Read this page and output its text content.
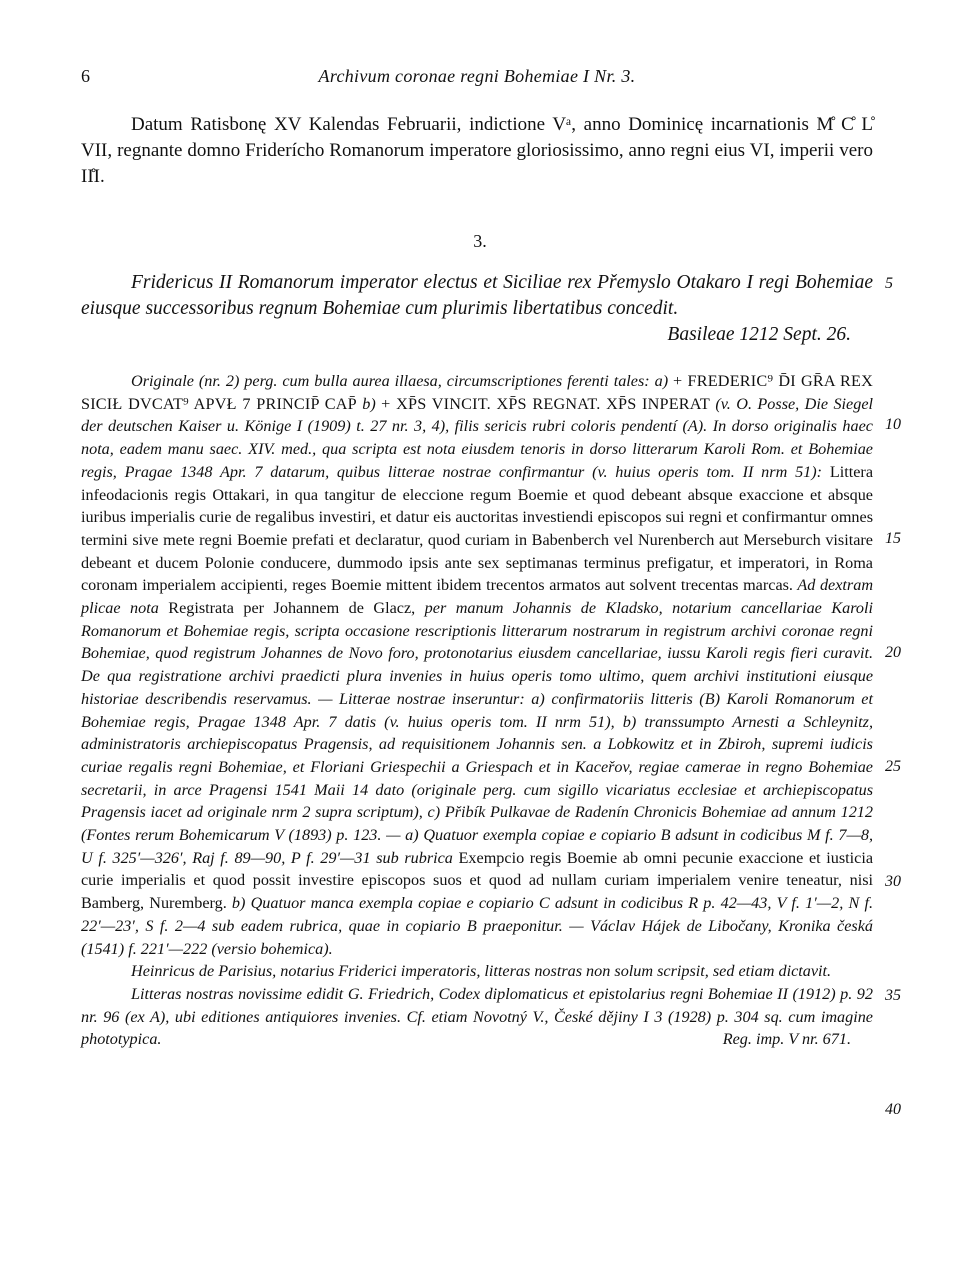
6	Archivum coronae regni Bohemiae I Nr. 3.

Datum Ratisbonę XV Kalendas Februarii, indictione Vᵃ, anno Dominicę incarnationis M̊ C̊ L̊ VII, regnante domno Friderícho Romanorum imperatore gloriosissimo, anno regni eius VI, imperii vero II̊I.

3.

Fridericus II Romanorum imperator electus et Siciliae rex Přemyslo Otakaro I regi Bohemiae eiusque successoribus regnum Bohemiae cum plurimis libertatibus concedit.
Basileae 1212 Sept. 26.

Originale (nr. 2) perg. cum bulla aurea illaesa, circumscriptiones ferenti tales: a) + FREDERIC⁹ D̄I GR̄A REX SICIŁ DVCAT⁹ APVŁ 7 PRINCIP̄ CAP̄ b) + XP̄S VINCIT. XP̄S REGNAT. XP̄S INPERAT (v. O. Posse, Die Siegel der deutschen Kaiser u. Könige I (1909) t. 27 nr. 3, 4), filis sericis rubri coloris pendentí (A). In dorso originalis haec nota, eadem manu saec. XIV. med., qua scripta est nota eiusdem tenoris in dorso litterarum Karoli Rom. et Bohemiae regis, Pragae 1348 Apr. 7 datarum, quibus litterae nostrae confirmantur (v. huius operis tom. II nrm 51): Littera infeodacionis regis Ottakari, in qua tangitur de eleccione regum Boemie et quod debeant absque exaccione et absque iuribus imperialis curie de regalibus investiri, et datur eis auctoritas investiendi episcopos sui regni et confirmantur omnes termini sive mete regni Boemie prefati et declaratur, quod curiam in Babenberch vel Nurenberch aut Merseburch visitare debeant et ducem Polonie conducere, dummodo ipsis ante sex septimanas terminus prefigatur, et imperatori, in Roma coronam imperialem accipienti, reges Boemie mittent ibidem trecentos armatos aut solvent trecentas marcas. Ad dextram plicae nota Registrata per Johannem de Glacz, per manum Johannis de Kladsko, notarium cancellariae Karoli Romanorum et Bohemiae regis, scripta occasione rescriptionis litterarum nostrarum in registrum archivi coronae regni Bohemiae, quod registrum Johannes de Novo foro, protonotarius eiusdem cancellariae, iussu Karoli regis fieri curavit. De qua registratione archivi praedicti plura invenies in huius operis tomo ultimo, quem archivi institutioni eiusque historiae describendis reservamus. — Litterae nostrae inseruntur: a) confirmatoriis litteris (B) Karoli Romanorum et Bohemiae regis, Pragae 1348 Apr. 7 datis (v. huius operis tom. II nrm 51), b) transsumpto Arnesti a Schleynitz, administratoris archiepiscopatus Pragensis, ad requisitionem Johannis sen. a Lobkowitz et in Zbiroh, supremi iudicis curiae regalis regni Bohemiae, et Floriani Griespechii a Griespach et in Kaceřov, regiae camerae in regno Bohemiae secretarii, in arce Pragensi 1541 Maii 14 dato (originale perg. cum sigillo vicariatus ecclesiae et archiepiscopatus Pragensis iacet ad originale nrm 2 supra scriptum), c) Přibík Pulkavae de Radenín Chronicis Bohemiae ad annum 1212 (Fontes rerum Bohemicarum V (1893) p. 123. — a) Quatuor exempla copiae e copiario B adsunt in codicibus M f. 7—8, U f. 325′—326′, Raj f. 89—90, P f. 29′—31 sub rubrica Exempcio regis Boemie ab omni pecunie exaccione et iusticia curie imperialis et quod possit investire episcopos suos et quod ad nullam curiam imperialem venire teneatur, nisi Bamberg, Nuremberg. b) Quatuor manca exempla copiae e copiario C adsunt in codicibus R p. 42—43, V f. 1′—2, N f. 22′—23′, S f. 2—4 sub eadem rubrica, quae in copiario B praeponitur. — Václav Hájek de Libočany, Kronika česká (1541) f. 221′—222 (versio bohemica).

Heinricus de Parisius, notarius Friderici imperatoris, litteras nostras non solum scripsit, sed etiam dictavit.

Litteras nostras novissime edidit G. Friedrich, Codex diplomaticus et epistolarius regni Bohemiae II (1912) p. 92 nr. 96 (ex A), ubi editiones antiquiores invenies. Cf. etiam Novotný V., České dějiny I 3 (1928) p. 304 sq. cum imagine phototypica.	Reg. imp. V nr. 671.

5
10
15
20
25
30
35
40
